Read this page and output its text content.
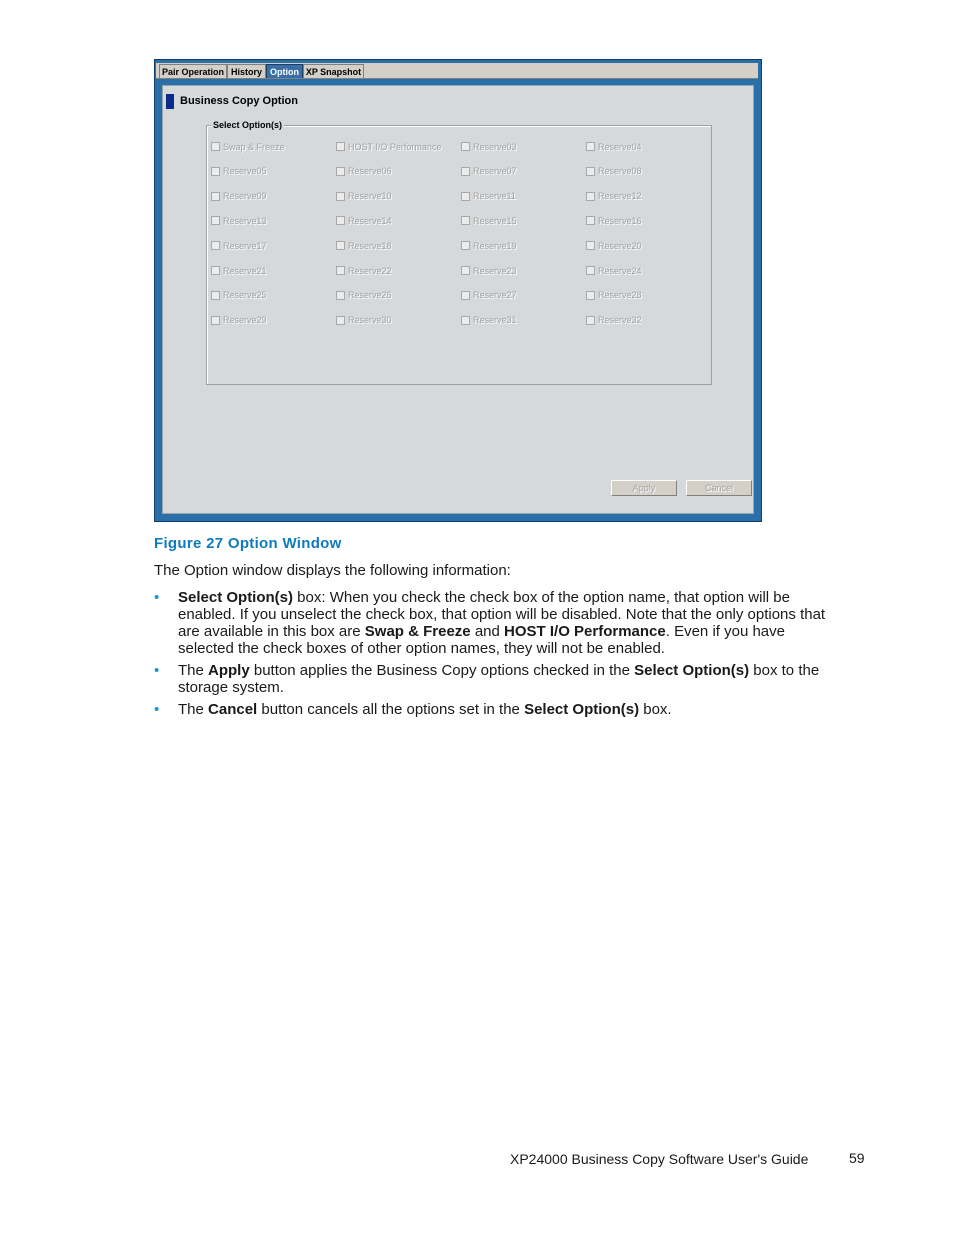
Pair Operation History Option XP Snapshot
Business Copy Option
Select Option(s)
Swap & Freeze	HOST I/O Performance	Reserve03	Reserve04
Reserve05	Reserve06	Reserve07	Reserve08
Reserve09	Reserve10	Reserve11	Reserve12
Reserve13	Reserve14	Reserve15	Reserve16
Reserve17	Reserve18	Reserve19	Reserve20
Reserve21	Reserve22	Reserve23	Reserve24
Reserve25	Reserve26	Reserve27	Reserve28
Reserve29	Reserve30	Reserve31	Reserve32
Apply	Cancel
Figure 27 Option Window
The Option window displays the following information:
• Select Option(s) box: When you check the check box of the option name, that option will be enabled. If you unselect the check box, that option will be disabled. Note that the only options that are available in this box are Swap & Freeze and HOST I/O Performance. Even if you have selected the check boxes of other option names, they will not be enabled.
• The Apply button applies the Business Copy options checked in the Select Option(s) box to the storage system.
• The Cancel button cancels all the options set in the Select Option(s) box.
XP24000 Business Copy Software User's Guide	59
